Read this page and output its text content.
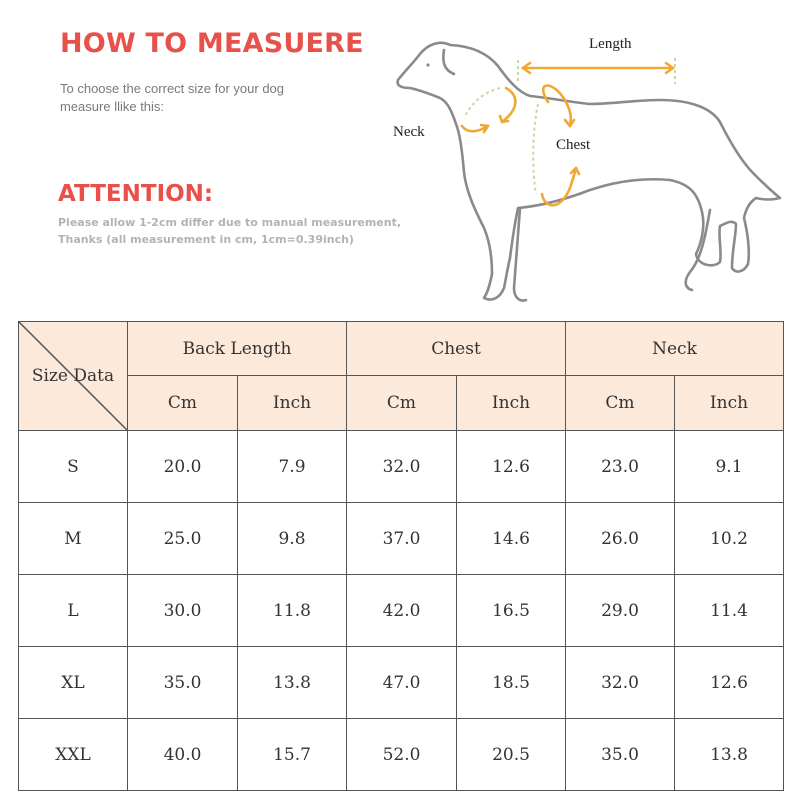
HOW TO MEASUERE
To choose the correct size for your dog
measure llike this:
ATTENTION:
Please allow 1-2cm differ due to manual measurement,
Thanks (all measurement in cm, 1cm=0.39inch)
Length
Neck
Chest
Size Data	Back Length		Chest		Neck	
	Cm	Inch	Cm	Inch	Cm	Inch
S	20.0	7.9	32.0	12.6	23.0	9.1
M	25.0	9.8	37.0	14.6	26.0	10.2
L	30.0	11.8	42.0	16.5	29.0	11.4
XL	35.0	13.8	47.0	18.5	32.0	12.6
XXL	40.0	15.7	52.0	20.5	35.0	13.8
